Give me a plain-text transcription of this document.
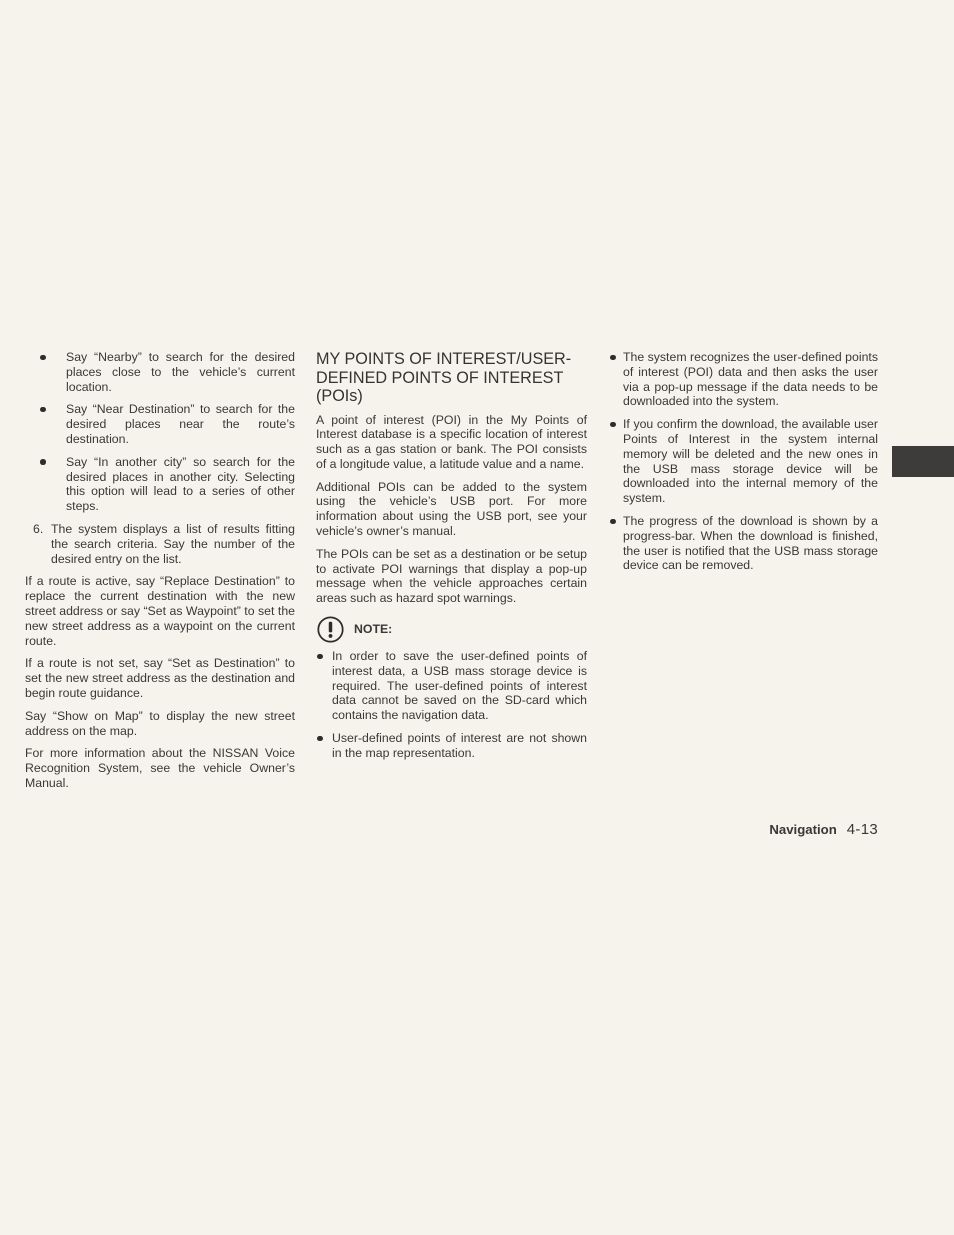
Say “Nearby” to search for the desired places close to the vehicle’s current location.
Say “Near Destination” to search for the desired places near the route’s destination.
Say “In another city” so search for the desired places in another city. Selecting this option will lead to a series of other steps.
6. The system displays a list of results fitting the search criteria. Say the number of the desired entry on the list.

If a route is active, say “Replace Destination” to replace the current destination with the new street address or say “Set as Waypoint” to set the new street address as a waypoint on the current route.

If a route is not set, say “Set as Destination” to set the new street address as the destination and begin route guidance.

Say “Show on Map” to display the new street address on the map.

For more information about the NISSAN Voice Recognition System, see the vehicle Owner’s Manual.

MY POINTS OF INTEREST/USER-DEFINED POINTS OF INTEREST (POIs)

A point of interest (POI) in the My Points of Interest database is a specific location of interest such as a gas station or bank. The POI consists of a longitude value, a latitude value and a name.

Additional POIs can be added to the system using the vehicle’s USB port. For more information about using the USB port, see your vehicle’s owner’s manual.

The POIs can be set as a destination or be setup to activate POI warnings that display a pop-up message when the vehicle approaches certain areas such as hazard spot warnings.

NOTE:
In order to save the user-defined points of interest data, a USB mass storage device is required. The user-defined points of interest data cannot be saved on the SD-card which contains the navigation data.
User-defined points of interest are not shown in the map representation.
The system recognizes the user-defined points of interest (POI) data and then asks the user via a pop-up message if the data needs to be downloaded into the system.
If you confirm the download, the available user Points of Interest in the system internal memory will be deleted and the new ones in the USB mass storage device will be downloaded into the internal memory of the system.
The progress of the download is shown by a progress-bar. When the download is finished, the user is notified that the USB mass storage device can be removed.
Navigation 4-13
